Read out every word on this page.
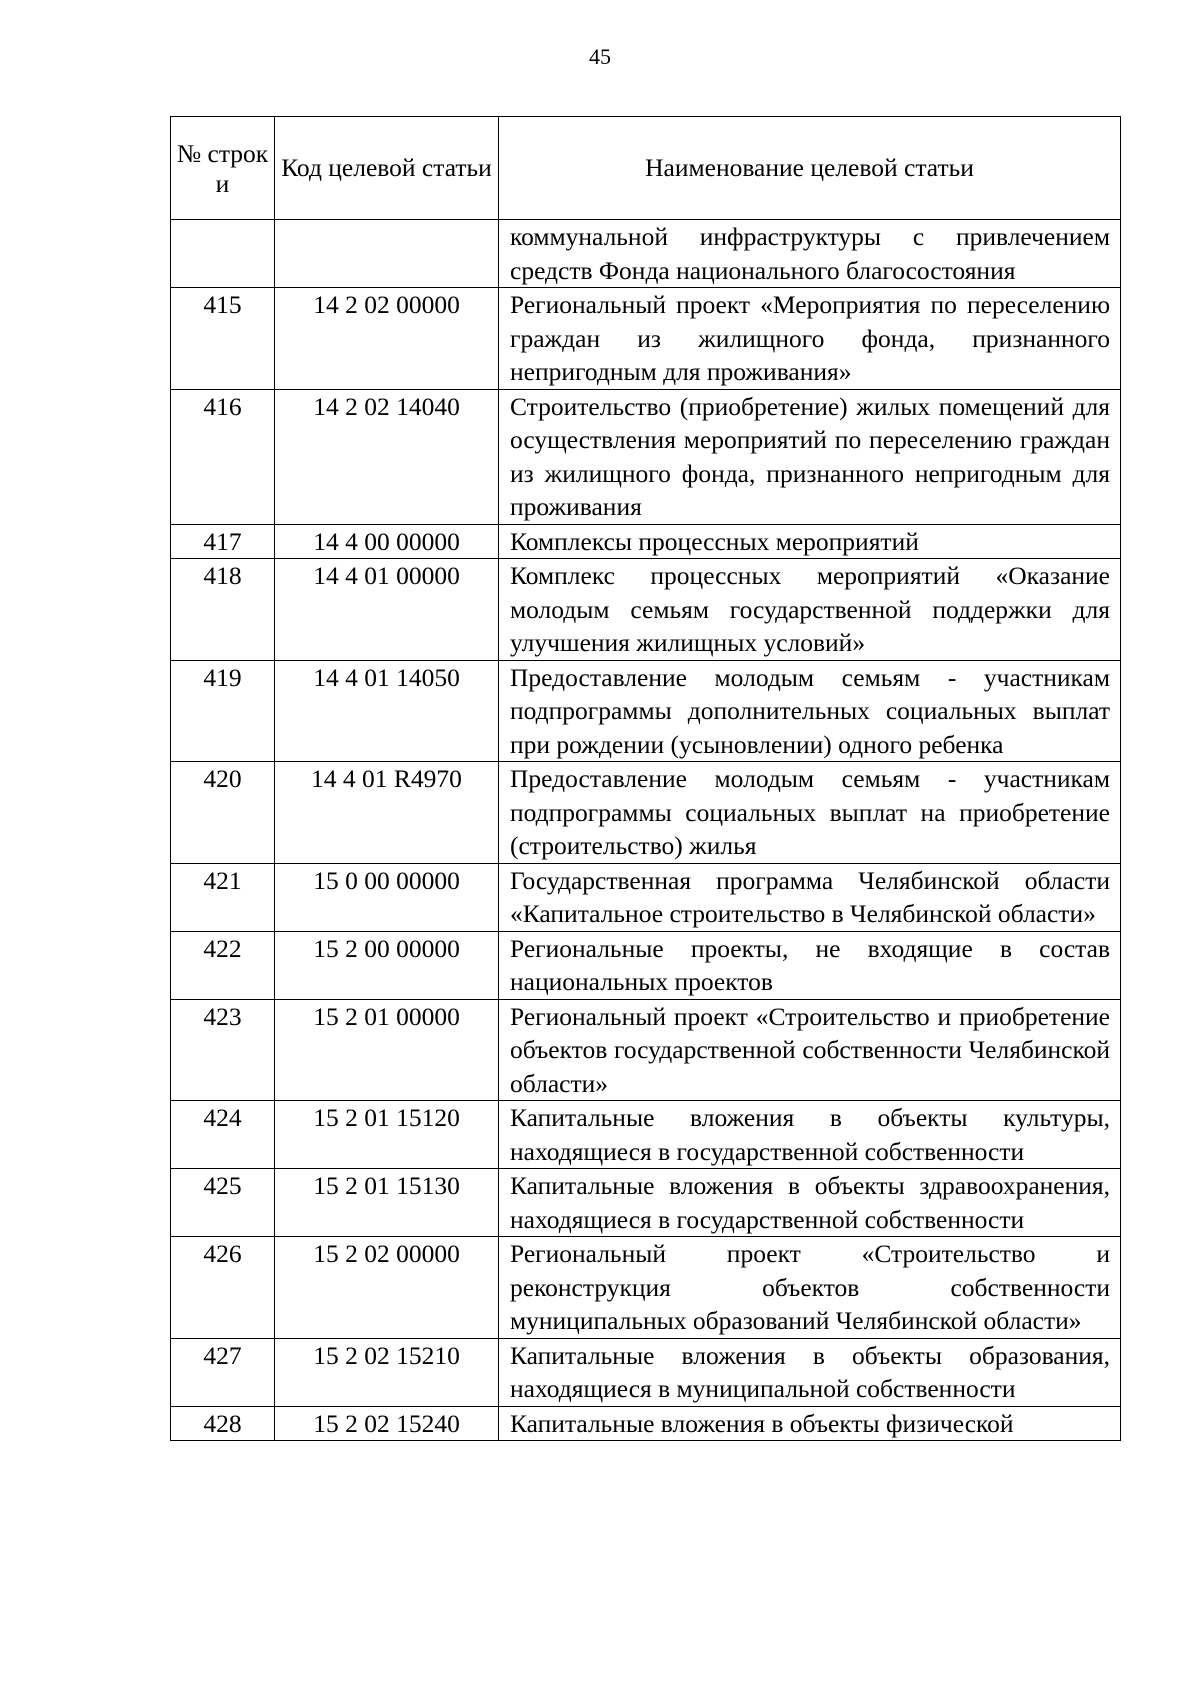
45
№ строк и	Код целевой статьи	Наименование целевой статьи
		коммунальной инфраструктуры с привлечением средств Фонда национального благосостояния
415	14 2 02 00000	Региональный проект «Мероприятия по переселению граждан из жилищного фонда, признанного непригодным для проживания»
416	14 2 02 14040	Строительство (приобретение) жилых помещений для осуществления мероприятий по переселению граждан из жилищного фонда, признанного непригодным для проживания
417	14 4 00 00000	Комплексы процессных мероприятий
418	14 4 01 00000	Комплекс процессных мероприятий «Оказание молодым семьям государственной поддержки для улучшения жилищных условий»
419	14 4 01 14050	Предоставление молодым семьям - участникам подпрограммы дополнительных социальных выплат при рождении (усыновлении) одного ребенка
420	14 4 01 R4970	Предоставление молодым семьям - участникам подпрограммы социальных выплат на приобретение (строительство) жилья
421	15 0 00 00000	Государственная программа Челябинской области «Капитальное строительство в Челябинской области»
422	15 2 00 00000	Региональные проекты, не входящие в состав национальных проектов
423	15 2 01 00000	Региональный проект «Строительство и приобретение объектов государственной собственности Челябинской области»
424	15 2 01 15120	Капитальные вложения в объекты культуры, находящиеся в государственной собственности
425	15 2 01 15130	Капитальные вложения в объекты здравоохранения, находящиеся в государственной собственности
426	15 2 02 00000	Региональный проект «Строительство и реконструкция объектов собственности муниципальных образований Челябинской области»
427	15 2 02 15210	Капитальные вложения в объекты образования, находящиеся в муниципальной собственности
428	15 2 02 15240	Капитальные вложения в объекты физической
